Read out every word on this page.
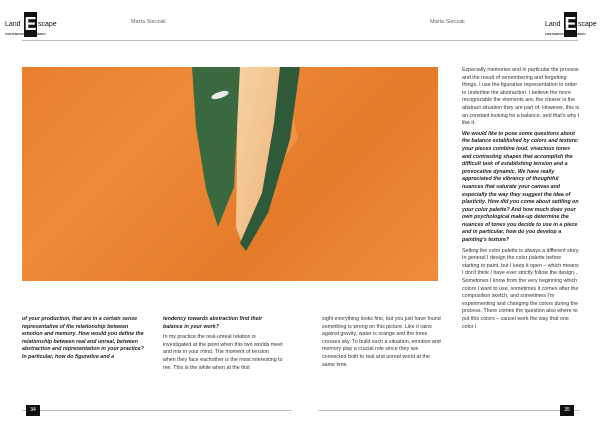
Land E scape
CONTEMPORARY ART MENU
Marta Sieczak	Marta Sieczak	Land E scape
CONTEMPORARY ART MENU

of your production, that are in a certain sense representative of the relationship between emotion and memory. How would you define the relationship between real and unreal, between abstraction and representation in your practice? In particular, how do figurative and a

tendency towards abstraction find their balance in your work?

In my practice the real-unreal relation is investigated at the point when this two worlds meet and mix in your mind. The moment of tension when they face eachother is the most interesting to me. This is the while when at the first

sight everything looks fine, but you just have found something is wrong on this picture. Like it rains against gravity, water is orange and the trees crosses sky. To build such a situation, emotion and memory play a crucial role since they are connected both to real and unreal world at the same time.

Especially memories and in particular the process and the result of remembering and forgetting things. I use the figurative representation in order to underline the abstraction. I believe the more recognizable the elements are, the clearer is the abstract situation they are part of. However, this is an constant looking for a balance, and that's why I like it.

We would like to pose some questions about the balance established by colors and texture: your pieces combine loud, vivacious tones and contrasting shapes that accomplish the difficult task of establishing tension and a provocative dynamic. We have really appreciated the vibrancy of thoughtful nuances that saturate your canvas and especially the way they suggest the idea of plasticity. How did you come about settling on your color palette? And how much does your own psychological make-up determine the nuances of tones you decide to use in a piece and in particular, how do you develop a painting's texture?

Setting the color palette is always a different story. In general I design the color palette before starting to paint, but I keep it open – which means I don't think I have ever strictly follow the design... Sometimes I know from the very beginning which colors I want to use, sometimes it comes after the composition sketch, and sometimes I'm experimenting and changing the colors during the process. There comes the question also where to put this colors – causel work the way that one color I

34	35
